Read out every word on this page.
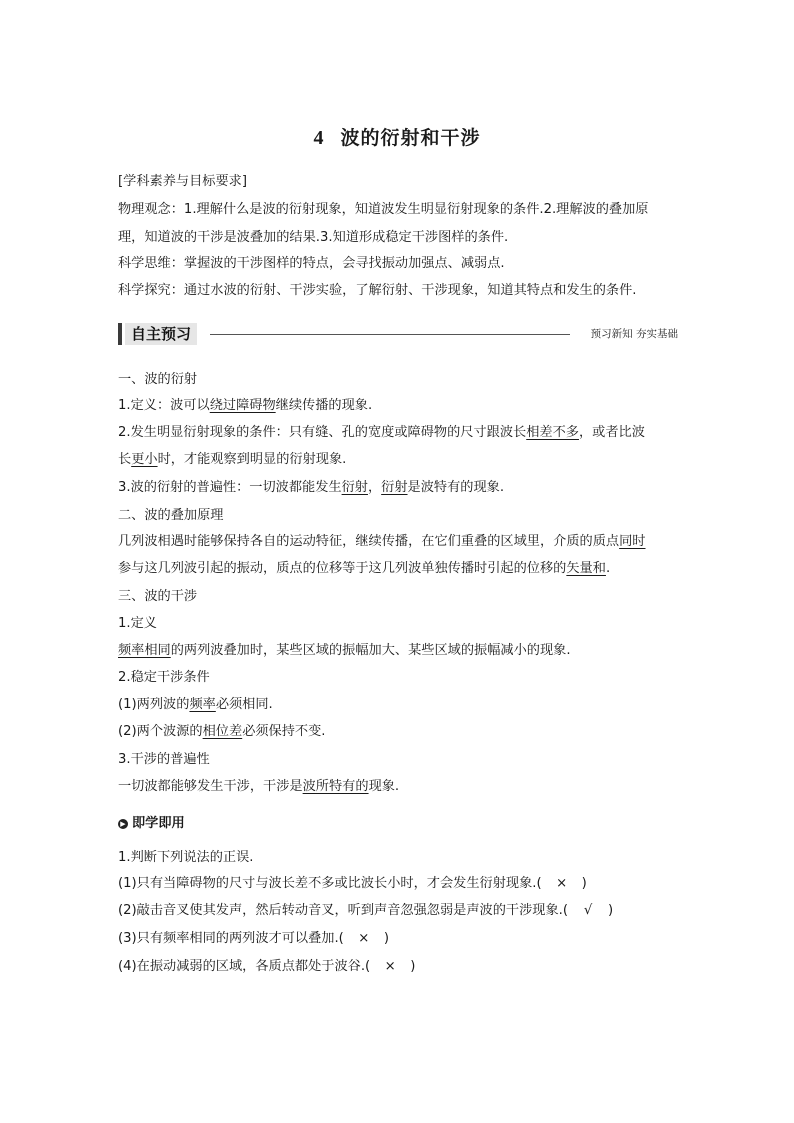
4 波的衍射和干涉
[学科素养与目标要求]
物理观念：1.理解什么是波的衍射现象，知道波发生明显衍射现象的条件.2.理解波的叠加原
理，知道波的干涉是波叠加的结果.3.知道形成稳定干涉图样的条件.
科学思维：掌握波的干涉图样的特点，会寻找振动加强点、减弱点.
科学探究：通过水波的衍射、干涉实验，了解衍射、干涉现象，知道其特点和发生的条件.
自主预习	预习新知 夯实基础
一、波的衍射
1.定义：波可以绕过障碍物继续传播的现象.
2.发生明显衍射现象的条件：只有缝、孔的宽度或障碍物的尺寸跟波长相差不多，或者比波
长更小时，才能观察到明显的衍射现象.
3.波的衍射的普遍性：一切波都能发生衍射，衍射是波特有的现象.
二、波的叠加原理
几列波相遇时能够保持各自的运动特征，继续传播，在它们重叠的区域里，介质的质点同时
参与这几列波引起的振动，质点的位移等于这几列波单独传播时引起的位移的矢量和.
三、波的干涉
1.定义
频率相同的两列波叠加时，某些区域的振幅加大、某些区域的振幅减小的现象.
2.稳定干涉条件
(1)两列波的频率必须相同.
(2)两个波源的相位差必须保持不变.
3.干涉的普遍性
一切波都能够发生干涉，干涉是波所特有的现象.
▶ 即学即用
1.判断下列说法的正误.
(1)只有当障碍物的尺寸与波长差不多或比波长小时，才会发生衍射现象.( × )
(2)敲击音叉使其发声，然后转动音叉，听到声音忽强忽弱是声波的干涉现象.( √ )
(3)只有频率相同的两列波才可以叠加.( × )
(4)在振动减弱的区域，各质点都处于波谷.( × )
